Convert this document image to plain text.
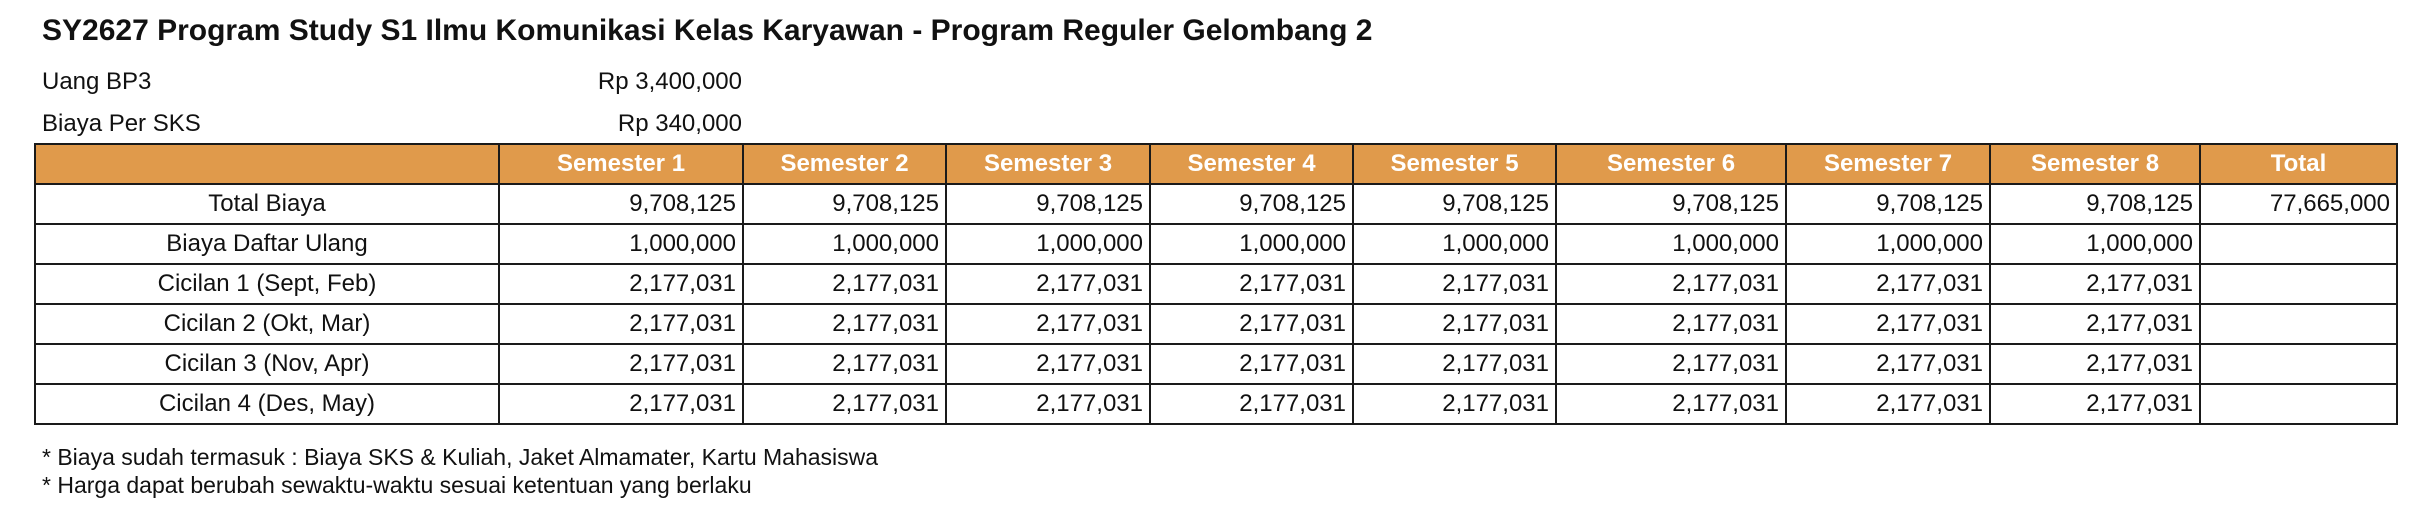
SY2627 Program Study S1 Ilmu Komunikasi Kelas Karyawan - Program Reguler Gelombang 2
Uang BP3	Rp 3,400,000
Biaya Per SKS	Rp 340,000
	Semester 1	Semester 2	Semester 3	Semester 4	Semester 5	Semester 6	Semester 7	Semester 8	Total
Total Biaya	9,708,125	9,708,125	9,708,125	9,708,125	9,708,125	9,708,125	9,708,125	9,708,125	77,665,000
Biaya Daftar Ulang	1,000,000	1,000,000	1,000,000	1,000,000	1,000,000	1,000,000	1,000,000	1,000,000	
Cicilan 1 (Sept, Feb)	2,177,031	2,177,031	2,177,031	2,177,031	2,177,031	2,177,031	2,177,031	2,177,031	
Cicilan 2 (Okt, Mar)	2,177,031	2,177,031	2,177,031	2,177,031	2,177,031	2,177,031	2,177,031	2,177,031	
Cicilan 3 (Nov, Apr)	2,177,031	2,177,031	2,177,031	2,177,031	2,177,031	2,177,031	2,177,031	2,177,031	
Cicilan 4 (Des, May)	2,177,031	2,177,031	2,177,031	2,177,031	2,177,031	2,177,031	2,177,031	2,177,031	
* Biaya sudah termasuk : Biaya SKS & Kuliah, Jaket Almamater, Kartu Mahasiswa
* Harga dapat berubah sewaktu-waktu sesuai ketentuan yang berlaku
